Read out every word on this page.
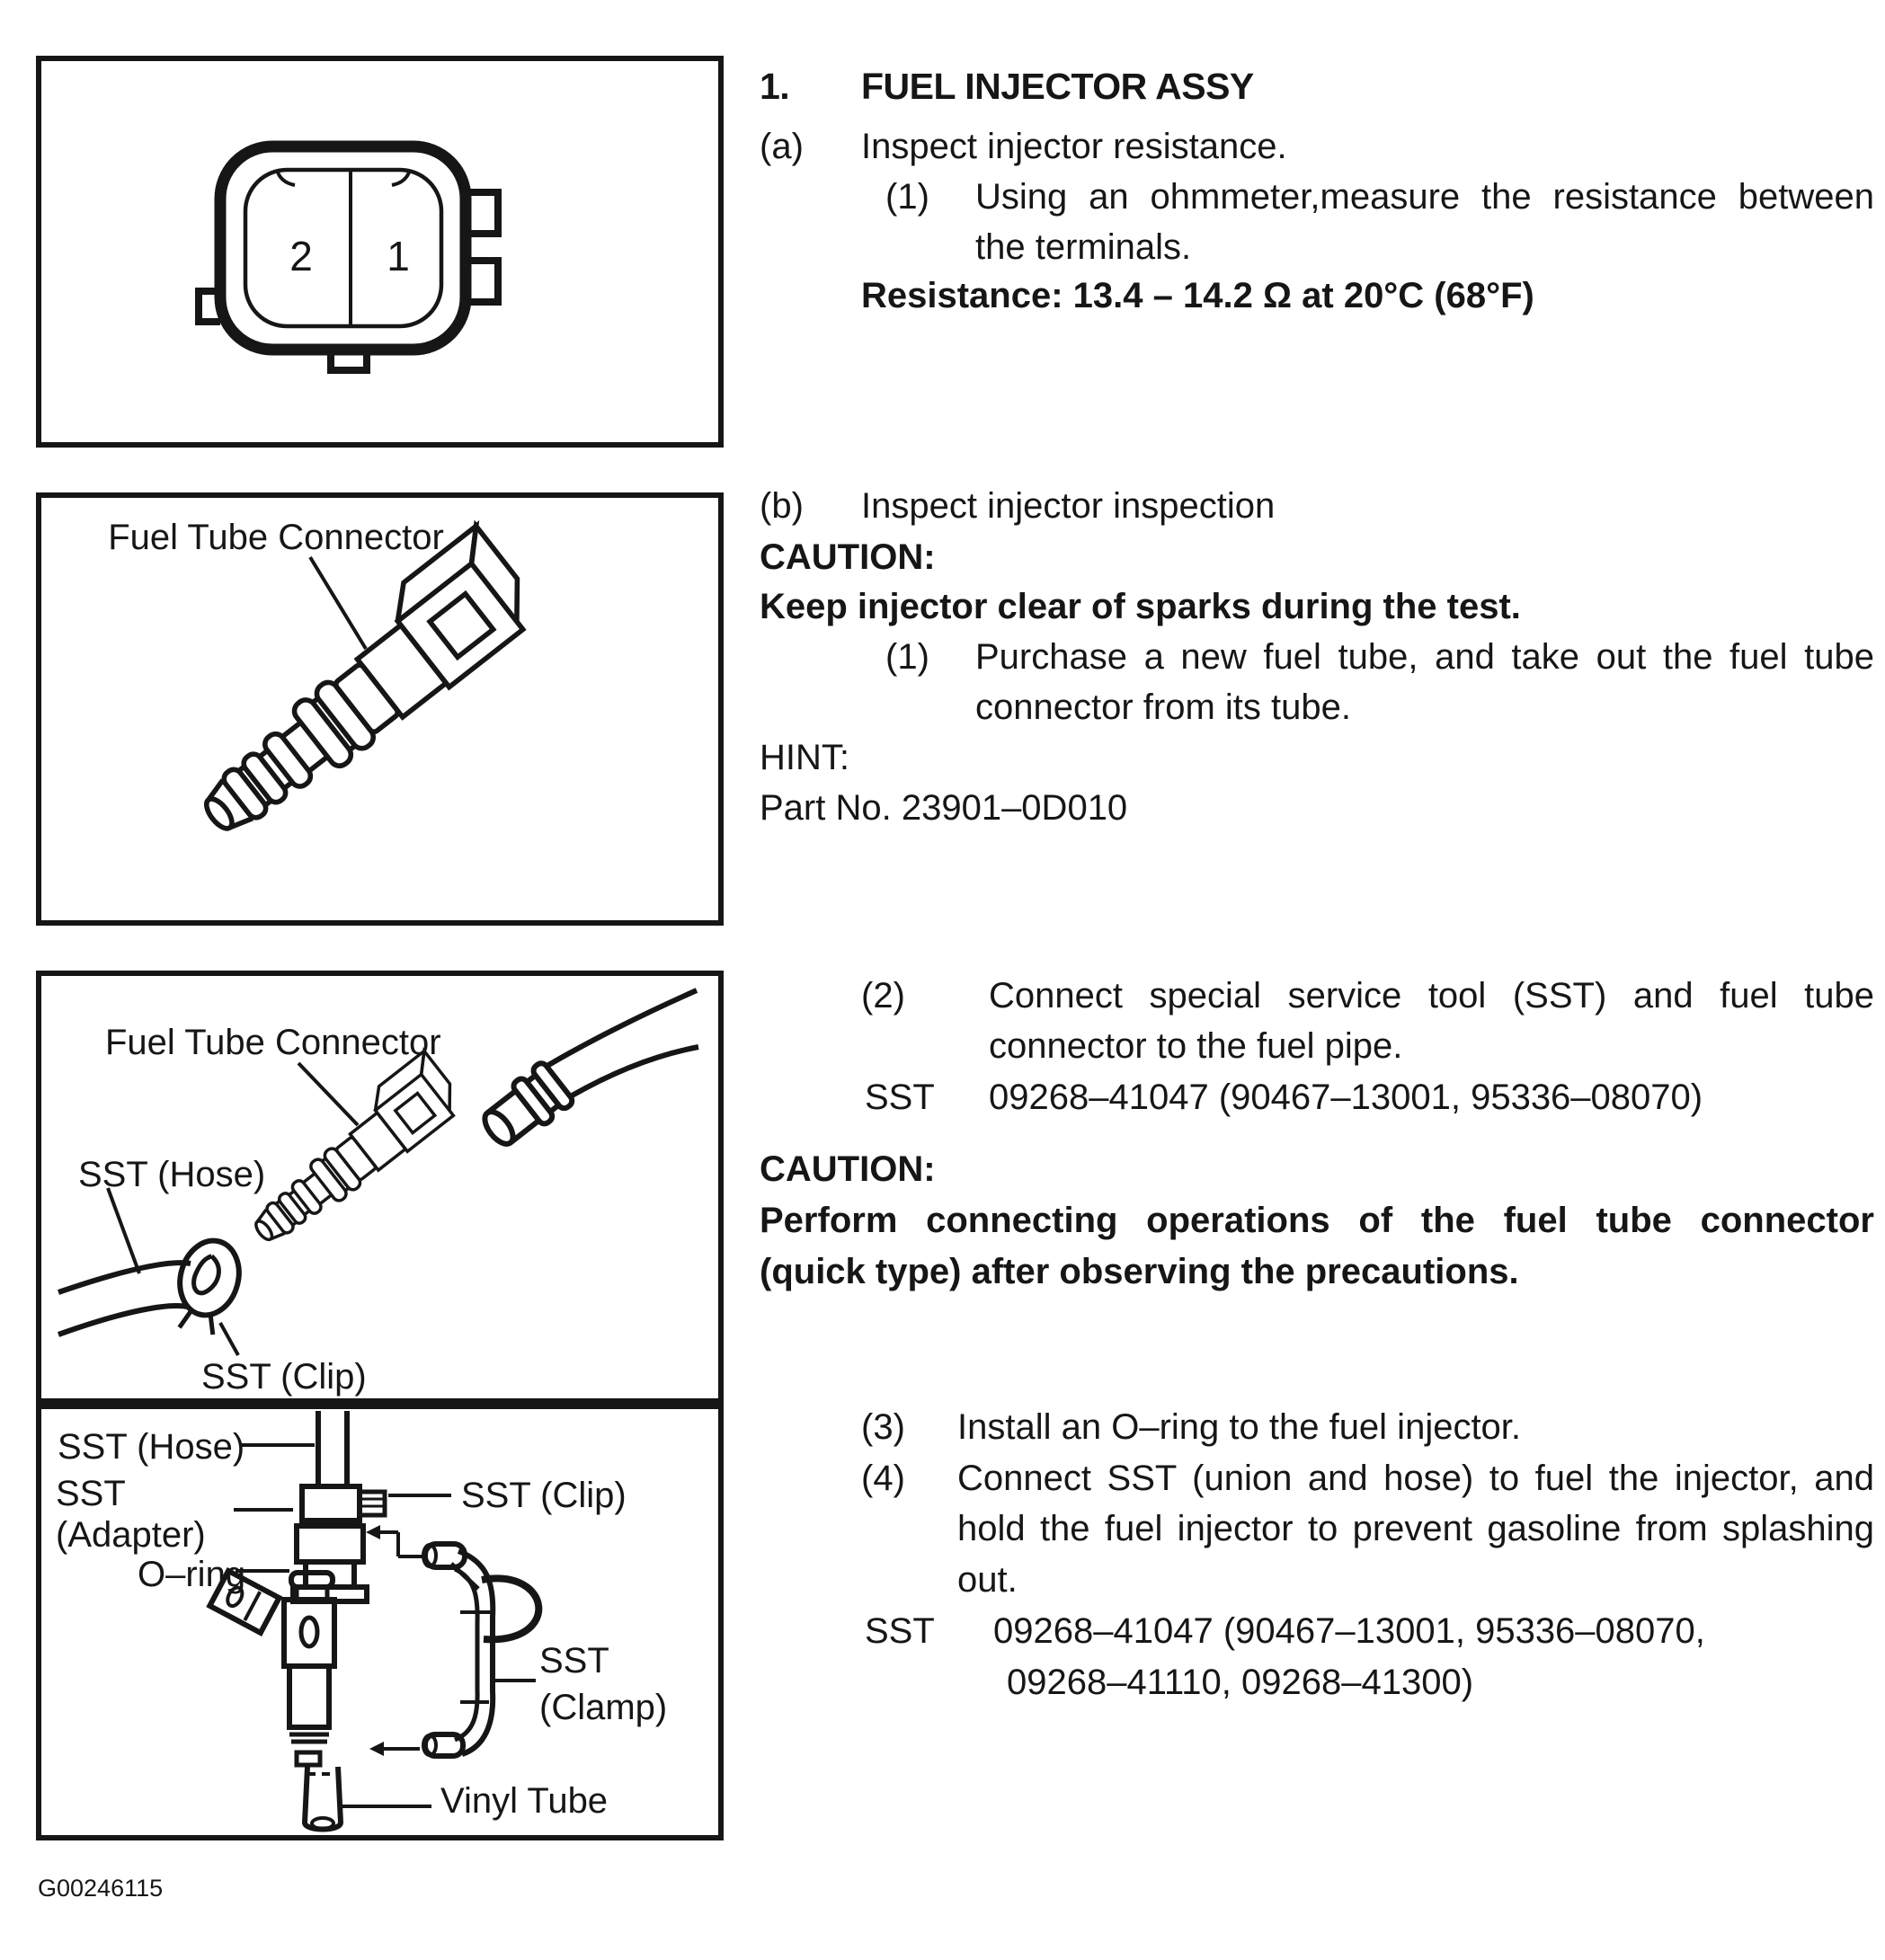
2	1
Fuel Tube Connector
Fuel Tube Connector
SST (Hose)
SST (Clip)
SST (Hose)
SST
(Adapter)
O–ring
SST (Clip)
SST
(Clamp)
Vinyl Tube
G00246115
1. FUEL INJECTOR ASSY
(a) Inspect injector resistance.
(1) Using an ohmmeter,measure the resistance between
the terminals.
Resistance: 13.4 – 14.2 Ω at 20°C (68°F)
(b) Inspect injector inspection
CAUTION:
Keep injector clear of sparks during the test.
(1) Purchase a new fuel tube, and take out the fuel tube
connector from its tube.
HINT:
Part No. 23901–0D010
(2) Connect special service tool (SST) and fuel tube
connector to the fuel pipe.
SST 09268–41047 (90467–13001, 95336–08070)
CAUTION:
Perform connecting operations of the fuel tube connector
(quick type) after observing the precautions.
(3) Install an O–ring to the fuel injector.
(4) Connect SST (union and hose) to fuel the injector, and
hold the fuel injector to prevent gasoline from splashing
out.
SST 09268–41047 (90467–13001, 95336–08070,
09268–41110, 09268–41300)
